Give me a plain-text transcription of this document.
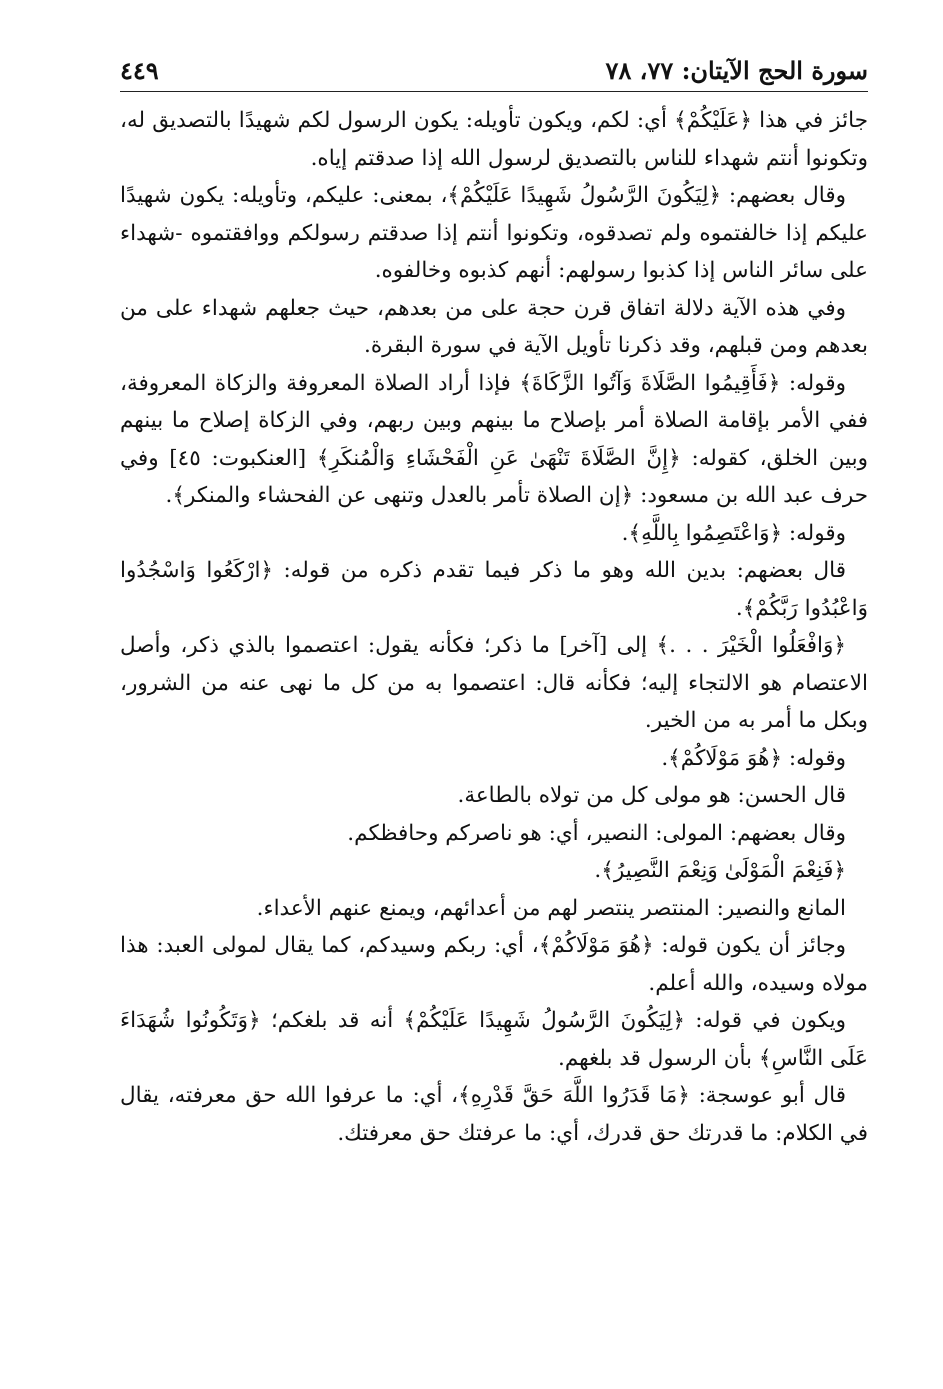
سورة الحج الآيتان: ٧٧، ٧٨
٤٤٩

جائز في هذا ﴿عَلَيْكُمْ﴾ أي: لكم، ويكون تأويله: يكون الرسول لكم شهيدًا بالتصديق له، وتكونوا أنتم شهداء للناس بالتصديق لرسول الله إذا صدقتم إياه.

وقال بعضهم: ﴿لِيَكُونَ الرَّسُولُ شَهِيدًا عَلَيْكُمْ﴾، بمعنى: عليكم، وتأويله: يكون شهيدًا عليكم إذا خالفتموه ولم تصدقوه، وتكونوا أنتم إذا صدقتم رسولكم ووافقتموه -شهداء على سائر الناس إذا كذبوا رسولهم: أنهم كذبوه وخالفوه.

وفي هذه الآية دلالة اتفاق قرن حجة على من بعدهم، حيث جعلهم شهداء على من بعدهم ومن قبلهم، وقد ذكرنا تأويل الآية في سورة البقرة.

وقوله: ﴿فَأَقِيمُوا الصَّلَاةَ وَآتُوا الزَّكَاةَ﴾ فإذا أراد الصلاة المعروفة والزكاة المعروفة، ففي الأمر بإقامة الصلاة أمر بإصلاح ما بينهم وبين ربهم، وفي الزكاة إصلاح ما بينهم وبين الخلق، كقوله: ﴿إِنَّ الصَّلَاةَ تَنْهَىٰ عَنِ الْفَحْشَاءِ وَالْمُنكَرِ﴾ [العنكبوت: ٤٥] وفي حرف عبد الله بن مسعود: ﴿إن الصلاة تأمر بالعدل وتنهى عن الفحشاء والمنكر﴾.

وقوله: ﴿وَاعْتَصِمُوا بِاللَّهِ﴾.

قال بعضهم: بدين الله وهو ما ذكر فيما تقدم ذكره من قوله: ﴿ارْكَعُوا وَاسْجُدُوا وَاعْبُدُوا رَبَّكُمْ﴾.

﴿وَافْعَلُوا الْخَيْرَ . . .﴾ إلى [آخر] ما ذكر؛ فكأنه يقول: اعتصموا بالذي ذكر، وأصل الاعتصام هو الالتجاء إليه؛ فكأنه قال: اعتصموا به من كل ما نهى عنه من الشرور، وبكل ما أمر به من الخير.

وقوله: ﴿هُوَ مَوْلَاكُمْ﴾.

قال الحسن: هو مولى كل من تولاه بالطاعة.

وقال بعضهم: المولى: النصير، أي: هو ناصركم وحافظكم.

﴿فَنِعْمَ الْمَوْلَىٰ وَنِعْمَ النَّصِيرُ﴾.

المانع والنصير: المنتصر ينتصر لهم من أعدائهم، ويمنع عنهم الأعداء.

وجائز أن يكون قوله: ﴿هُوَ مَوْلَاكُمْ﴾، أي: ربكم وسيدكم، كما يقال لمولى العبد: هذا مولاه وسيده، والله أعلم.

ويكون في قوله: ﴿لِيَكُونَ الرَّسُولُ شَهِيدًا عَلَيْكُمْ﴾ أنه قد بلغكم؛ ﴿وَتَكُونُوا شُهَدَاءَ عَلَى النَّاسِ﴾ بأن الرسول قد بلغهم.

قال أبو عوسجة: ﴿مَا قَدَرُوا اللَّهَ حَقَّ قَدْرِهِ﴾، أي: ما عرفوا الله حق معرفته، يقال في الكلام: ما قدرتك حق قدرك، أي: ما عرفتك حق معرفتك.
